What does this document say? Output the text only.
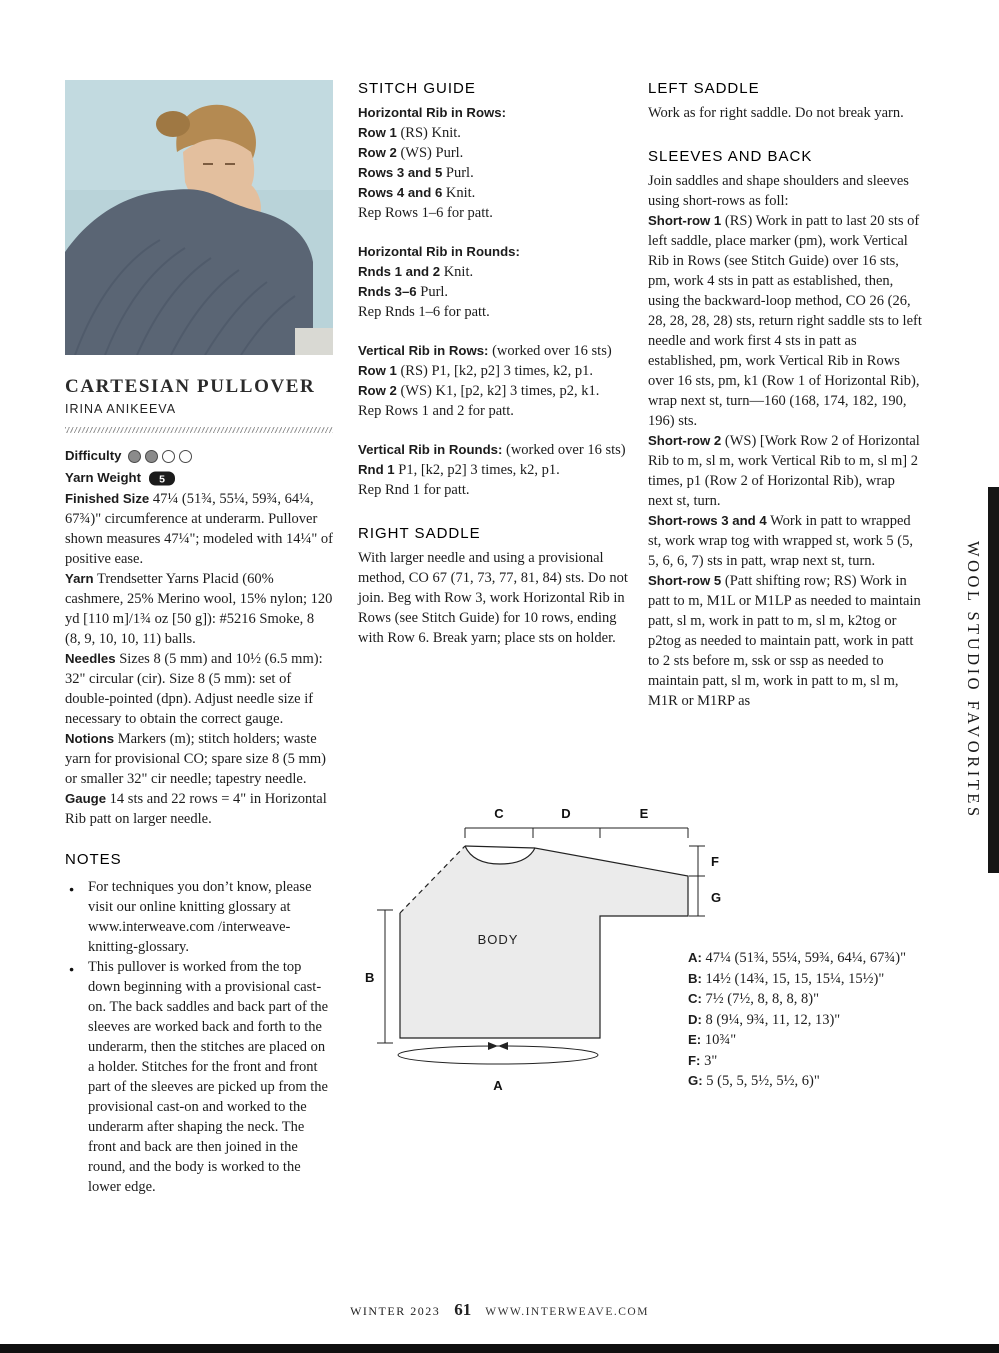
CARTESIAN PULLOVER
IRINA ANIKEEVA
Difficulty
Yarn Weight 5

Finished Size 47¼ (51¾, 55¼, 59¾, 64¼, 67¾)" circumference at underarm. Pullover shown measures 47¼"; modeled with 14¼" of positive ease.

Yarn Trendsetter Yarns Placid (60% cashmere, 25% Merino wool, 15% nylon; 120 yd [110 m]/1¾ oz [50 g]): #5216 Smoke, 8 (8, 9, 10, 10, 11) balls.

Needles Sizes 8 (5 mm) and 10½ (6.5 mm): 32" circular (cir). Size 8 (5 mm): set of double-pointed (dpn). Adjust needle size if necessary to obtain the correct gauge.

Notions Markers (m); stitch holders; waste yarn for provisional CO; spare size 8 (5 mm) or smaller 32" cir needle; tapestry needle.

Gauge 14 sts and 22 rows = 4" in Horizontal Rib patt on larger needle.

NOTES
● For techniques you don’t know, please visit our online knitting glossary at www.interweave.com /interweave-knitting-glossary.
● This pullover is worked from the top down beginning with a provisional cast-on. The back saddles and back part of the sleeves are worked back and forth to the underarm, then the stitches are placed on a holder. Stitches for the front and front part of the sleeves are picked up from the provisional cast-on and worked to the underarm after shaping the neck. The front and back are then joined in the round, and the body is worked to the lower edge.
STITCH GUIDE

Horizontal Rib in Rows:

Row 1 (RS) Knit.

Row 2 (WS) Purl.

Rows 3 and 5 Purl.

Rows 4 and 6 Knit.

Rep Rows 1–6 for patt.

Horizontal Rib in Rounds:

Rnds 1 and 2 Knit.

Rnds 3–6 Purl.

Rep Rnds 1–6 for patt.

Vertical Rib in Rows: (worked over 16 sts)

Row 1 (RS) P1, [k2, p2] 3 times, k2, p1.

Row 2 (WS) K1, [p2, k2] 3 times, p2, k1.

Rep Rows 1 and 2 for patt.

Vertical Rib in Rounds: (worked over 16 sts)

Rnd 1 P1, [k2, p2] 3 times, k2, p1.

Rep Rnd 1 for patt.

RIGHT SADDLE

With larger needle and using a provisional method, CO 67 (71, 73, 77, 81, 84) sts. Do not join. Beg with Row 3, work Horizontal Rib in Rows (see Stitch Guide) for 10 rows, ending with Row 6. Break yarn; place sts on holder.

LEFT SADDLE

Work as for right saddle. Do not break yarn.

SLEEVES AND BACK

Join saddles and shape shoulders and sleeves using short-rows as foll:

Short-row 1 (RS) Work in patt to last 20 sts of left saddle, place marker (pm), work Vertical Rib in Rows (see Stitch Guide) over 16 sts, pm, work 4 sts in patt as established, then, using the backward-loop method, CO 26 (26, 28, 28, 28, 28) sts, return right saddle sts to left needle and work first 4 sts in patt as established, pm, work Vertical Rib in Rows over 16 sts, pm, k1 (Row 1 of Horizontal Rib), wrap next st, turn—160 (168, 174, 182, 190, 196) sts.

Short-row 2 (WS) [Work Row 2 of Horizontal Rib to m, sl m, work Vertical Rib to m, sl m] 2 times, p1 (Row 2 of Horizontal Rib), wrap next st, turn.

Short-rows 3 and 4 Work in patt to wrapped st, work wrap tog with wrapped st, work 5 (5, 5, 6, 6, 7) sts in patt, wrap next st, turn.

Short-row 5 (Patt shifting row; RS) Work in patt to m, M1L or M1LP as needed to maintain patt, sl m, work in patt to m, sl m, k2tog or p2tog as needed to maintain patt, work in patt to 2 sts before m, ssk or ssp as needed to maintain patt, sl m, work in patt to m, sl m, M1R or M1RP as

C	D	E
F
G
B
A
BODY

A: 47¼ (51¾, 55¼, 59¾, 64¼, 67¾)"

B: 14½ (14¾, 15, 15, 15¼, 15½)"

C: 7½ (7½, 8, 8, 8, 8)"

D: 8 (9¼, 9¾, 11, 12, 13)"

E: 10¾"

F: 3"

G: 5 (5, 5, 5½, 5½, 6)"

WOOL STUDIO FAVORITES
WINTER 2023 61 WWW.INTERWEAVE.COM
